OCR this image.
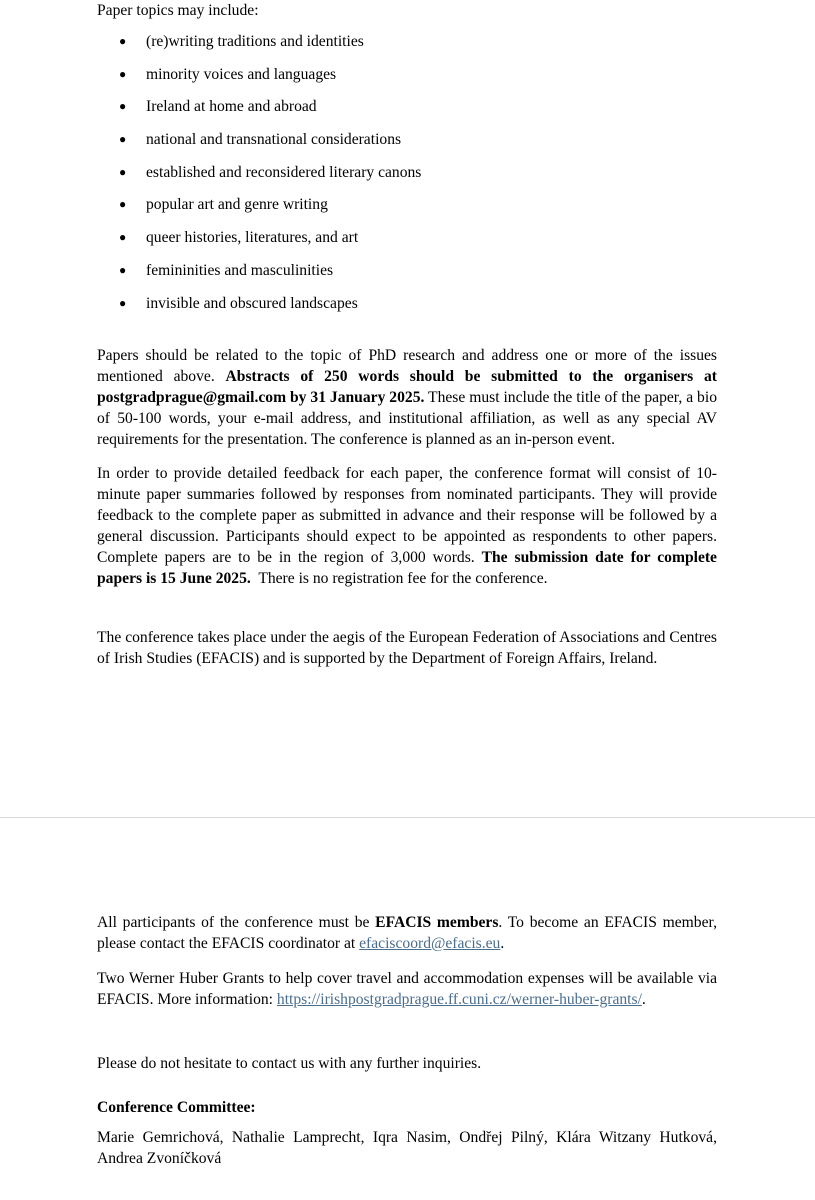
Paper topics may include:

● (re)writing traditions and identities
● minority voices and languages
● Ireland at home and abroad
● national and transnational considerations
● established and reconsidered literary canons
● popular art and genre writing
● queer histories, literatures, and art
● femininities and masculinities
● invisible and obscured landscapes

Papers should be related to the topic of PhD research and address one or more of the issues mentioned above. Abstracts of 250 words should be submitted to the organisers at postgradprague@gmail.com by 31 January 2025. These must include the title of the paper, a bio of 50-100 words, your e-mail address, and institutional affiliation, as well as any special AV requirements for the presentation. The conference is planned as an in-person event.

In order to provide detailed feedback for each paper, the conference format will consist of 10-minute paper summaries followed by responses from nominated participants. They will provide feedback to the complete paper as submitted in advance and their response will be followed by a general discussion. Participants should expect to be appointed as respondents to other papers. Complete papers are to be in the region of 3,000 words. The submission date for complete papers is 15 June 2025. There is no registration fee for the conference.

The conference takes place under the aegis of the European Federation of Associations and Centres of Irish Studies (EFACIS) and is supported by the Department of Foreign Affairs, Ireland.

All participants of the conference must be EFACIS members. To become an EFACIS member, please contact the EFACIS coordinator at efaciscoord@efacis.eu.

Two Werner Huber Grants to help cover travel and accommodation expenses will be available via EFACIS. More information: https://irishpostgradprague.ff.cuni.cz/werner-huber-grants/.

Please do not hesitate to contact us with any further inquiries.

Conference Committee:

Marie Gemrichová, Nathalie Lamprecht, Iqra Nasim, Ondřej Pilný, Klára Witzany Hutková, Andrea Zvoníčková
